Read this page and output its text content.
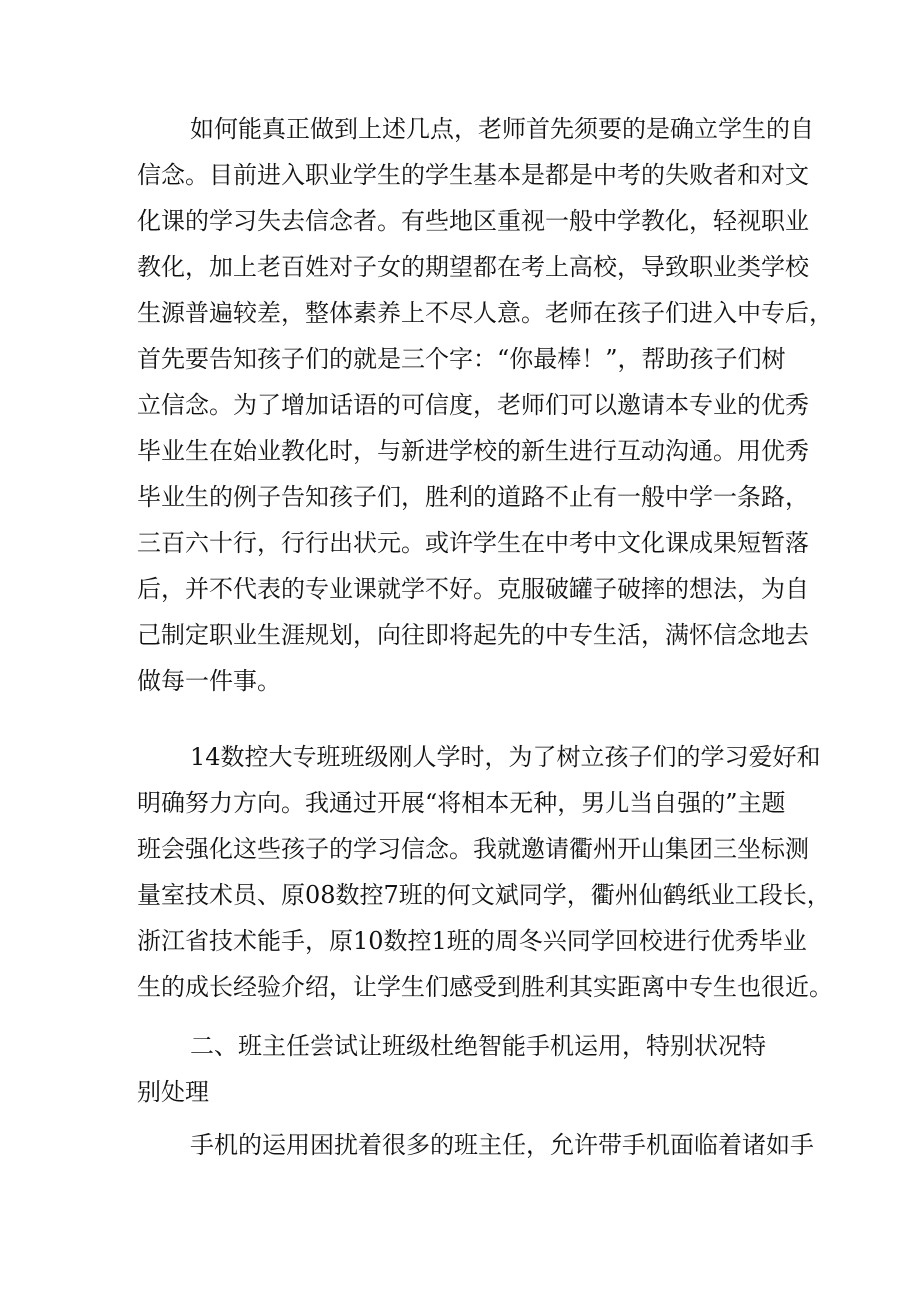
如何能真正做到上述几点，老师首先须要的是确立学生的自
信念。目前进入职业学生的学生基本是都是中考的失败者和对文
化课的学习失去信念者。有些地区重视一般中学教化，轻视职业
教化，加上老百姓对子女的期望都在考上高校，导致职业类学校
生源普遍较差，整体素养上不尽人意。老师在孩子们进入中专后，
首先要告知孩子们的就是三个字：“你最棒！”，帮助孩子们树
立信念。为了增加话语的可信度，老师们可以邀请本专业的优秀
毕业生在始业教化时，与新进学校的新生进行互动沟通。用优秀
毕业生的例子告知孩子们，胜利的道路不止有一般中学一条路，
三百六十行，行行出状元。或许学生在中考中文化课成果短暂落
后，并不代表的专业课就学不好。克服破罐子破摔的想法，为自
己制定职业生涯规划，向往即将起先的中专生活，满怀信念地去
做每一件事。
14数控大专班班级刚人学时，为了树立孩子们的学习爱好和
明确努力方向。我通过开展“将相本无种，男儿当自强的”主题
班会强化这些孩子的学习信念。我就邀请衢州开山集团三坐标测
量室技术员、原08数控7班的何文斌同学，衢州仙鹤纸业工段长，
浙江省技术能手，原10数控1班的周冬兴同学回校进行优秀毕业
生的成长经验介绍，让学生们感受到胜利其实距离中专生也很近。
二、班主任尝试让班级杜绝智能手机运用，特别状况特
别处理
手机的运用困扰着很多的班主任，允许带手机面临着诸如手
